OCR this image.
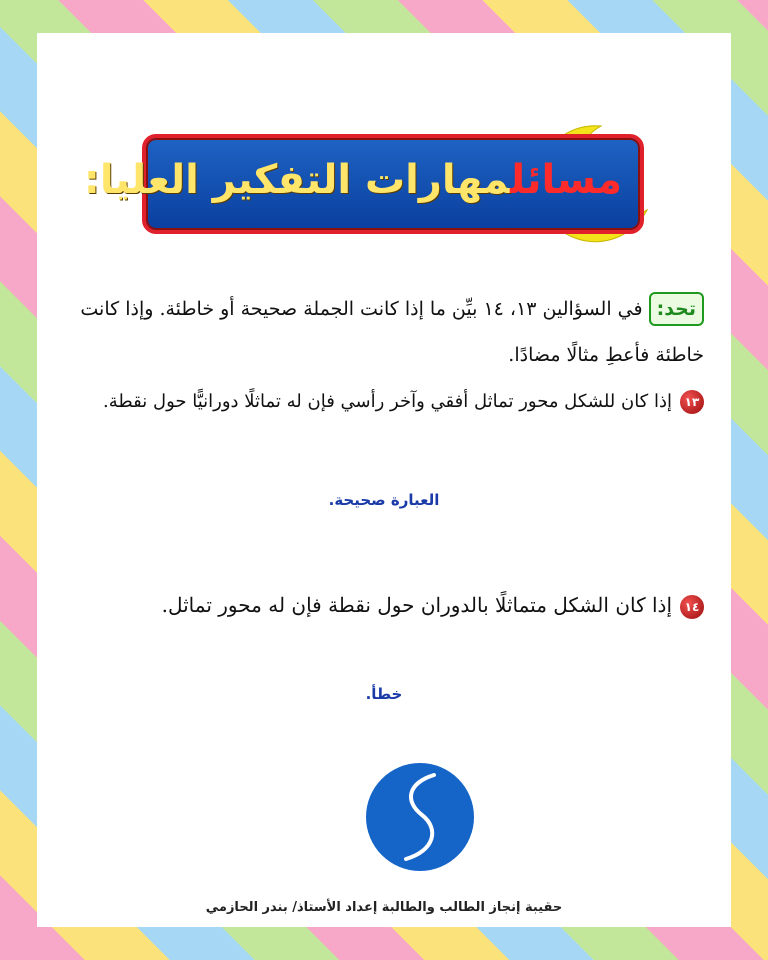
مسائلمهارات التفكير العليا:
تحد:في السؤالين ١٣، ١٤ بيِّن ما إذا كانت الجملة صحيحة أو خاطئة. وإذا كانت خاطئة فأعطِ مثالًا مضادًا.
١٣إذا كان للشكل محور تماثل أفقي وآخر رأسي فإن له تماثلًا دورانيًّا حول نقطة.
العبارة صحيحة.
١٤إذا كان الشكل متماثلًا بالدوران حول نقطة فإن له محور تماثل.
خطأ.
حقيبة إنجاز الطالب والطالبة إعداد الأستاذ/ بندر الحازمي
